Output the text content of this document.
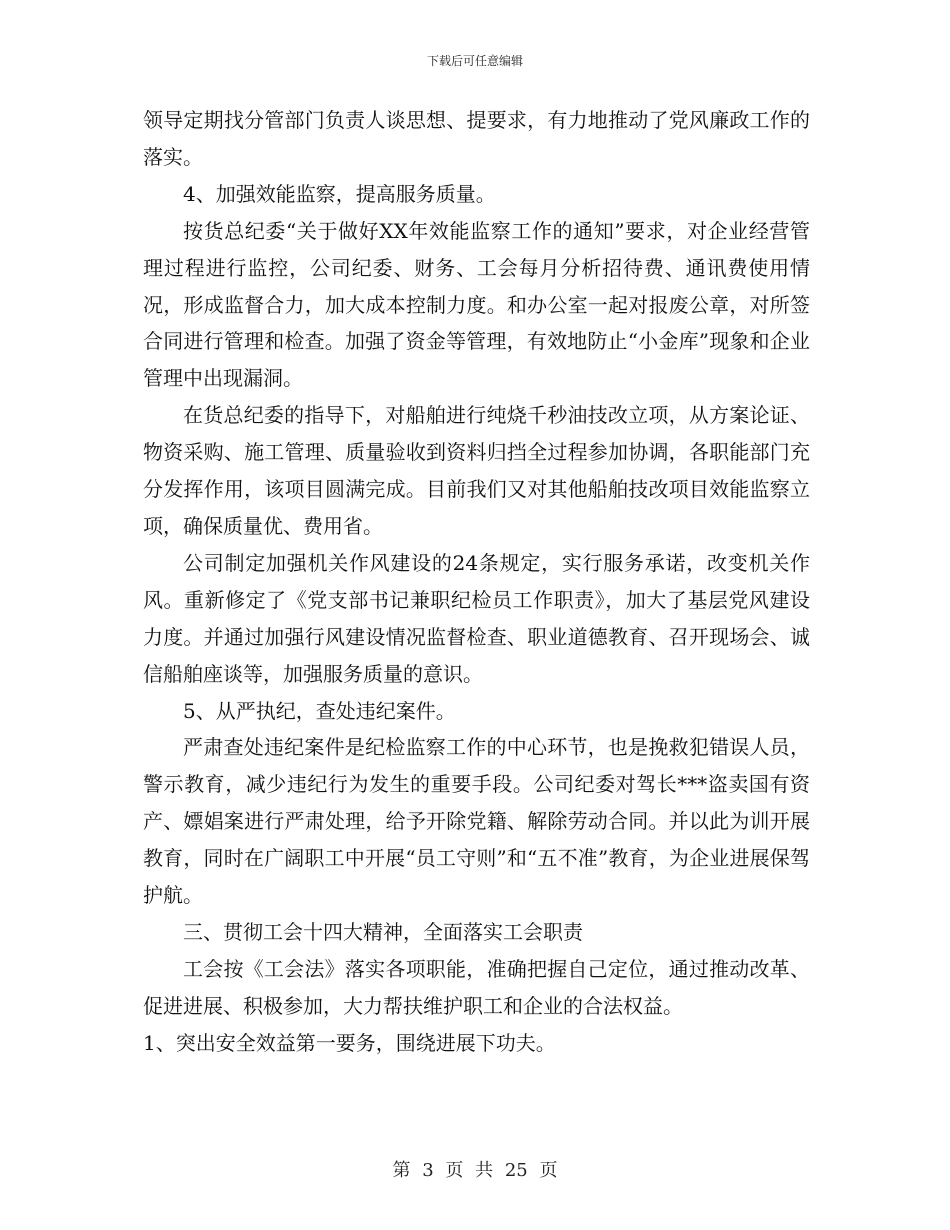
下载后可任意编辑

领导定期找分管部门负责人谈思想、提要求，有力地推动了党风廉政工作的落实。

4、加强效能监察，提高服务质量。

按货总纪委“关于做好XX年效能监察工作的通知”要求，对企业经营管理过程进行监控，公司纪委、财务、工会每月分析招待费、通讯费使用情况，形成监督合力，加大成本控制力度。和办公室一起对报废公章，对所签合同进行管理和检查。加强了资金等管理，有效地防止“小金库”现象和企业管理中出现漏洞。

在货总纪委的指导下，对船舶进行纯烧千秒油技改立项，从方案论证、物资采购、施工管理、质量验收到资料归挡全过程参加协调，各职能部门充分发挥作用，该项目圆满完成。目前我们又对其他船舶技改项目效能监察立项，确保质量优、费用省。

公司制定加强机关作风建设的24条规定，实行服务承诺，改变机关作风。重新修定了《党支部书记兼职纪检员工作职责》，加大了基层党风建设力度。并通过加强行风建设情况监督检查、职业道德教育、召开现场会、诚信船舶座谈等，加强服务质量的意识。

5、从严执纪，查处违纪案件。

严肃查处违纪案件是纪检监察工作的中心环节，也是挽救犯错误人员，警示教育，减少违纪行为发生的重要手段。公司纪委对驾长***盗卖国有资产、嫖娼案进行严肃处理，给予开除党籍、解除劳动合同。并以此为训开展教育，同时在广阔职工中开展“员工守则”和“五不准”教育，为企业进展保驾护航。

三、贯彻工会十四大精神，全面落实工会职责

工会按《工会法》落实各项职能，准确把握自己定位，通过推动改革、促进进展、积极参加，大力帮扶维护职工和企业的合法权益。

1、突出安全效益第一要务，围绕进展下功夫。

第 3 页 共 25 页
